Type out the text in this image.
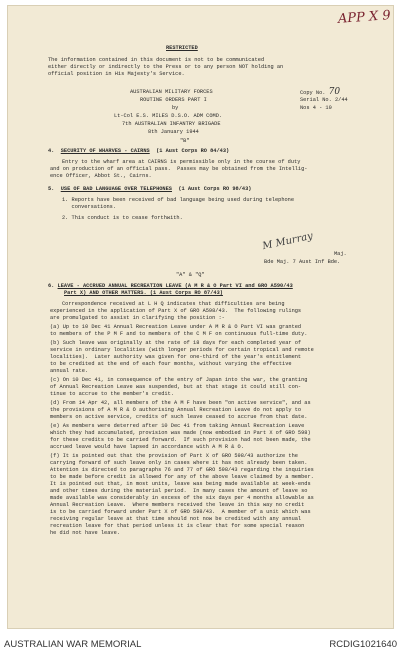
APP X 9
RESTRICTED
The information contained in this document is not to be communicated
either directly or indirectly to the Press or to any person NOT holding an
official position in His Majesty's Service.
AUSTRALIAN MILITARY FORCES
ROUTINE ORDERS PART I
by
Lt-Col E.S. MILES D.S.O. ADM COMD.
7th AUSTRALIAN INFANTRY BRIGADE
8th January 1944
"B"
Copy No. 70
Serial No. 2/44
Nos 4 - 10
4. SECURITY OF WHARVES - CAIRNS (1 Aust Corps RO 84/43)
Entry to the wharf area at CAIRNS is permissible only in the course of duty
and on production of an official pass.  Passes may be obtained from the Intellig-
ence Officer, Abbot St., Cairns.
5. USE OF BAD LANGUAGE OVER TELEPHONES (1 Aust Corps RO 98/43)
1. Reports have been received of bad language being used during telephone
conversations.
2. This conduct is to cease forthwith.
M Murray
Maj.
Bde Maj. 7 Aust Inf Bde.
"A" & "Q"
6. LEAVE - ACCRUED ANNUAL RECREATION LEAVE (A M R & O Part VI and GRO A590/43
Part X) AND OTHER MATTERS. (1 Aust Corps RO 87/43)
Correspondence received at L H Q indicates that difficulties are being
experienced in the application of Part X of GRO A598/43.  The following rulings
are promulgated to assist in clarifying the position :-
(a) Up to 10 Dec 41 Annual Recreation Leave under A M R & O Part VI was granted
to members of the P M F and to members of the C M F on continuous full-time duty.
(b) Such leave was originally at the rate of 18 days for each completed year of
service in ordinary localities (with longer periods for certain tropical and remote
localities).  Later authority was given for one-third of the year's entitlement
to be credited at the end of each four months, without varying the effective
annual rate.
(c) On 10 Dec 41, in consequence of the entry of Japan into the war, the granting
of Annual Recreation Leave was suspended, but at that stage it could still con-
tinue to accrue to the member's credit.
(d) From 14 Apr 42, all members of the A M F have been "on active service", and as
the provisions of A M R & O authorising Annual Recreation Leave do not apply to
members on active service, credits of such leave ceased to accrue from that date.
(e) As members were deterred after 10 Dec 41 from taking Annual Recreation Leave
which they had accumulated, provision was made (now embodied in Part X of GRO 598)
for these credits to be carried forward.  If such provision had not been made, the
accrued leave would have lapsed in accordance with A M R & O.
(f) It is pointed out that the provision of Part X of GRO 598/43 authorize the
carrying forward of such leave only in cases where it has not already been taken.
Attention is directed to paragraphs 76 and 77 of GRO 598/43 regarding the inquiries
to be made before credit is allowed for any of the above leave claimed by a member.
It is pointed out that, in most units, leave was being made available at week-ends
and other times during the material period.  In many cases the amount of leave so
made available was considerably in excess of the six days per 4 months allowable as
Annual Recreation Leave.  Where members received the leave in this way no credit
is to be carried forward under Part X of GRO 598/43.  A member of a unit which was
receiving regular leave at that time should not now be credited with any annual
recreation leave for that period unless it is clear that for some special reason
he did not have leave.
AUSTRALIAN WAR MEMORIAL	RCDIG1021640
